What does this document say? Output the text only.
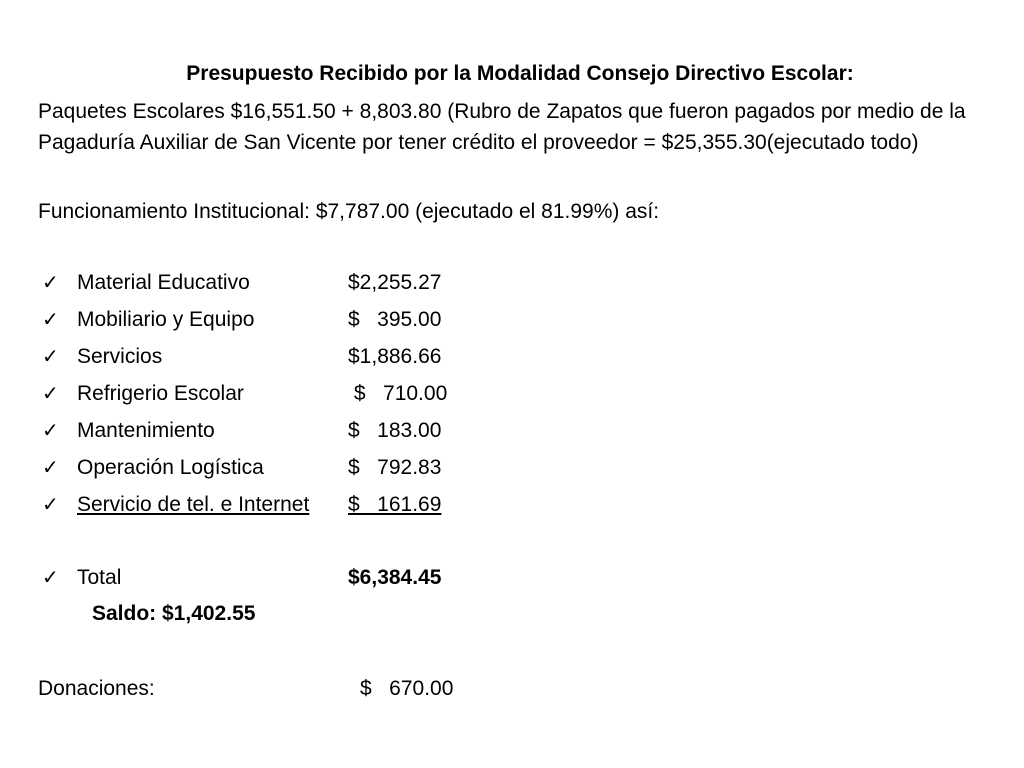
Presupuesto Recibido por la Modalidad Consejo Directivo Escolar:
Paquetes Escolares $16,551.50 + 8,803.80 (Rubro de Zapatos que fueron pagados por medio de la Pagaduría Auxiliar de San Vicente por tener crédito el proveedor = $25,355.30(ejecutado todo)
Funcionamiento Institucional: $7,787.00 (ejecutado el 81.99%) así:
✓ Material Educativo	$2,255.27
✓ Mobiliario y Equipo	$   395.00
✓ Servicios	$1,886.66
✓ Refrigerio Escolar	$   710.00
✓ Mantenimiento	$   183.00
✓ Operación Logística	$   792.83
✓ Servicio de tel. e Internet $   161.69
✓ Total	$6,384.45
Saldo: $1,402.55
Donaciones:	$   670.00
